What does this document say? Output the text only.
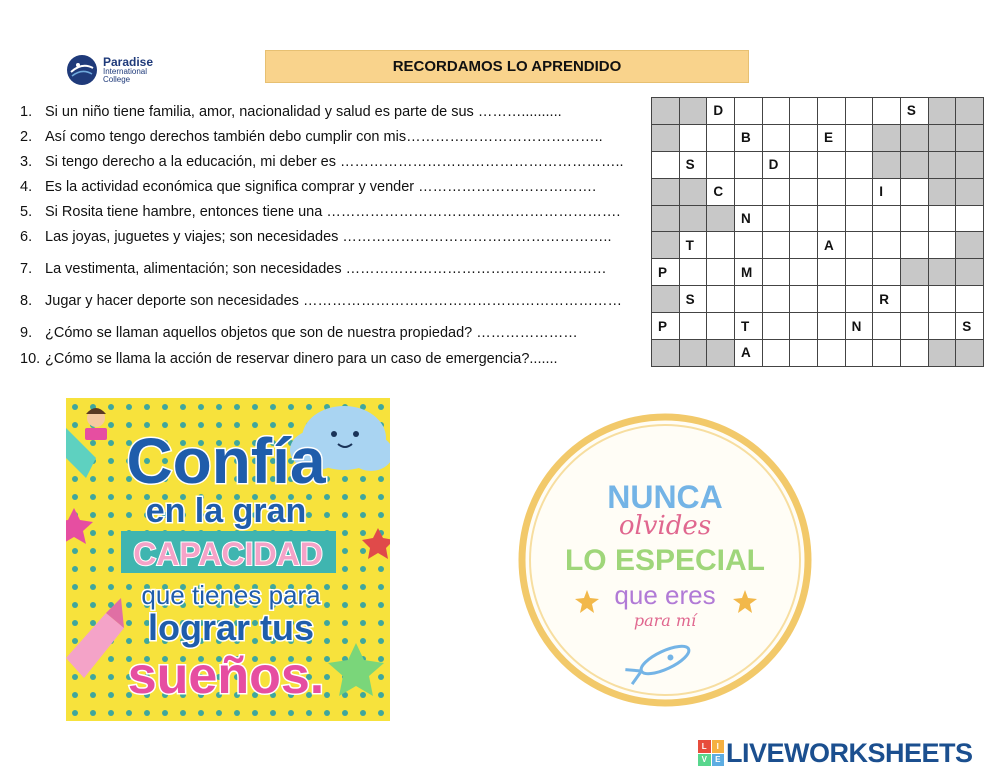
Paradise
International
College
RECORDAMOS LO APRENDIDO
1. Si un niño tiene familia, amor, nacionalidad y salud es parte de sus ………..........
2. Así como tengo derechos también debo cumplir con mis…………………………………..
3. Si tengo derecho a la educación, mi deber es …………………………………………………..
4. Es la actividad económica que significa comprar y vender ……………………………….
5. Si Rosita tiene hambre, entonces tiene una …………………………………………………….
6. Las joyas, juguetes y viajes; son necesidades ………………………………………………..
7. La vestimenta, alimentación; son necesidades ………………………………………………
8. Jugar y hacer deporte son necesidades …………………………………………………………
9. ¿Cómo se llaman aquellos objetos que son de nuestra propiedad? …………………
10. ¿Cómo se llama la acción de reservar dinero para un caso de emergencia?.......
		D							S		
			B			E					
	S			D							
		C						I			
			N								
	T					A					
P			M								
	S							R			
P			T				N				S
			A								
Confía
en la gran
CAPACIDAD
que tienes para
lograr tus
sueños.
NUNCA
olvides
LO ESPECIAL
que eres
para mí
L	I
V	E LIVEWORKSHEETS
